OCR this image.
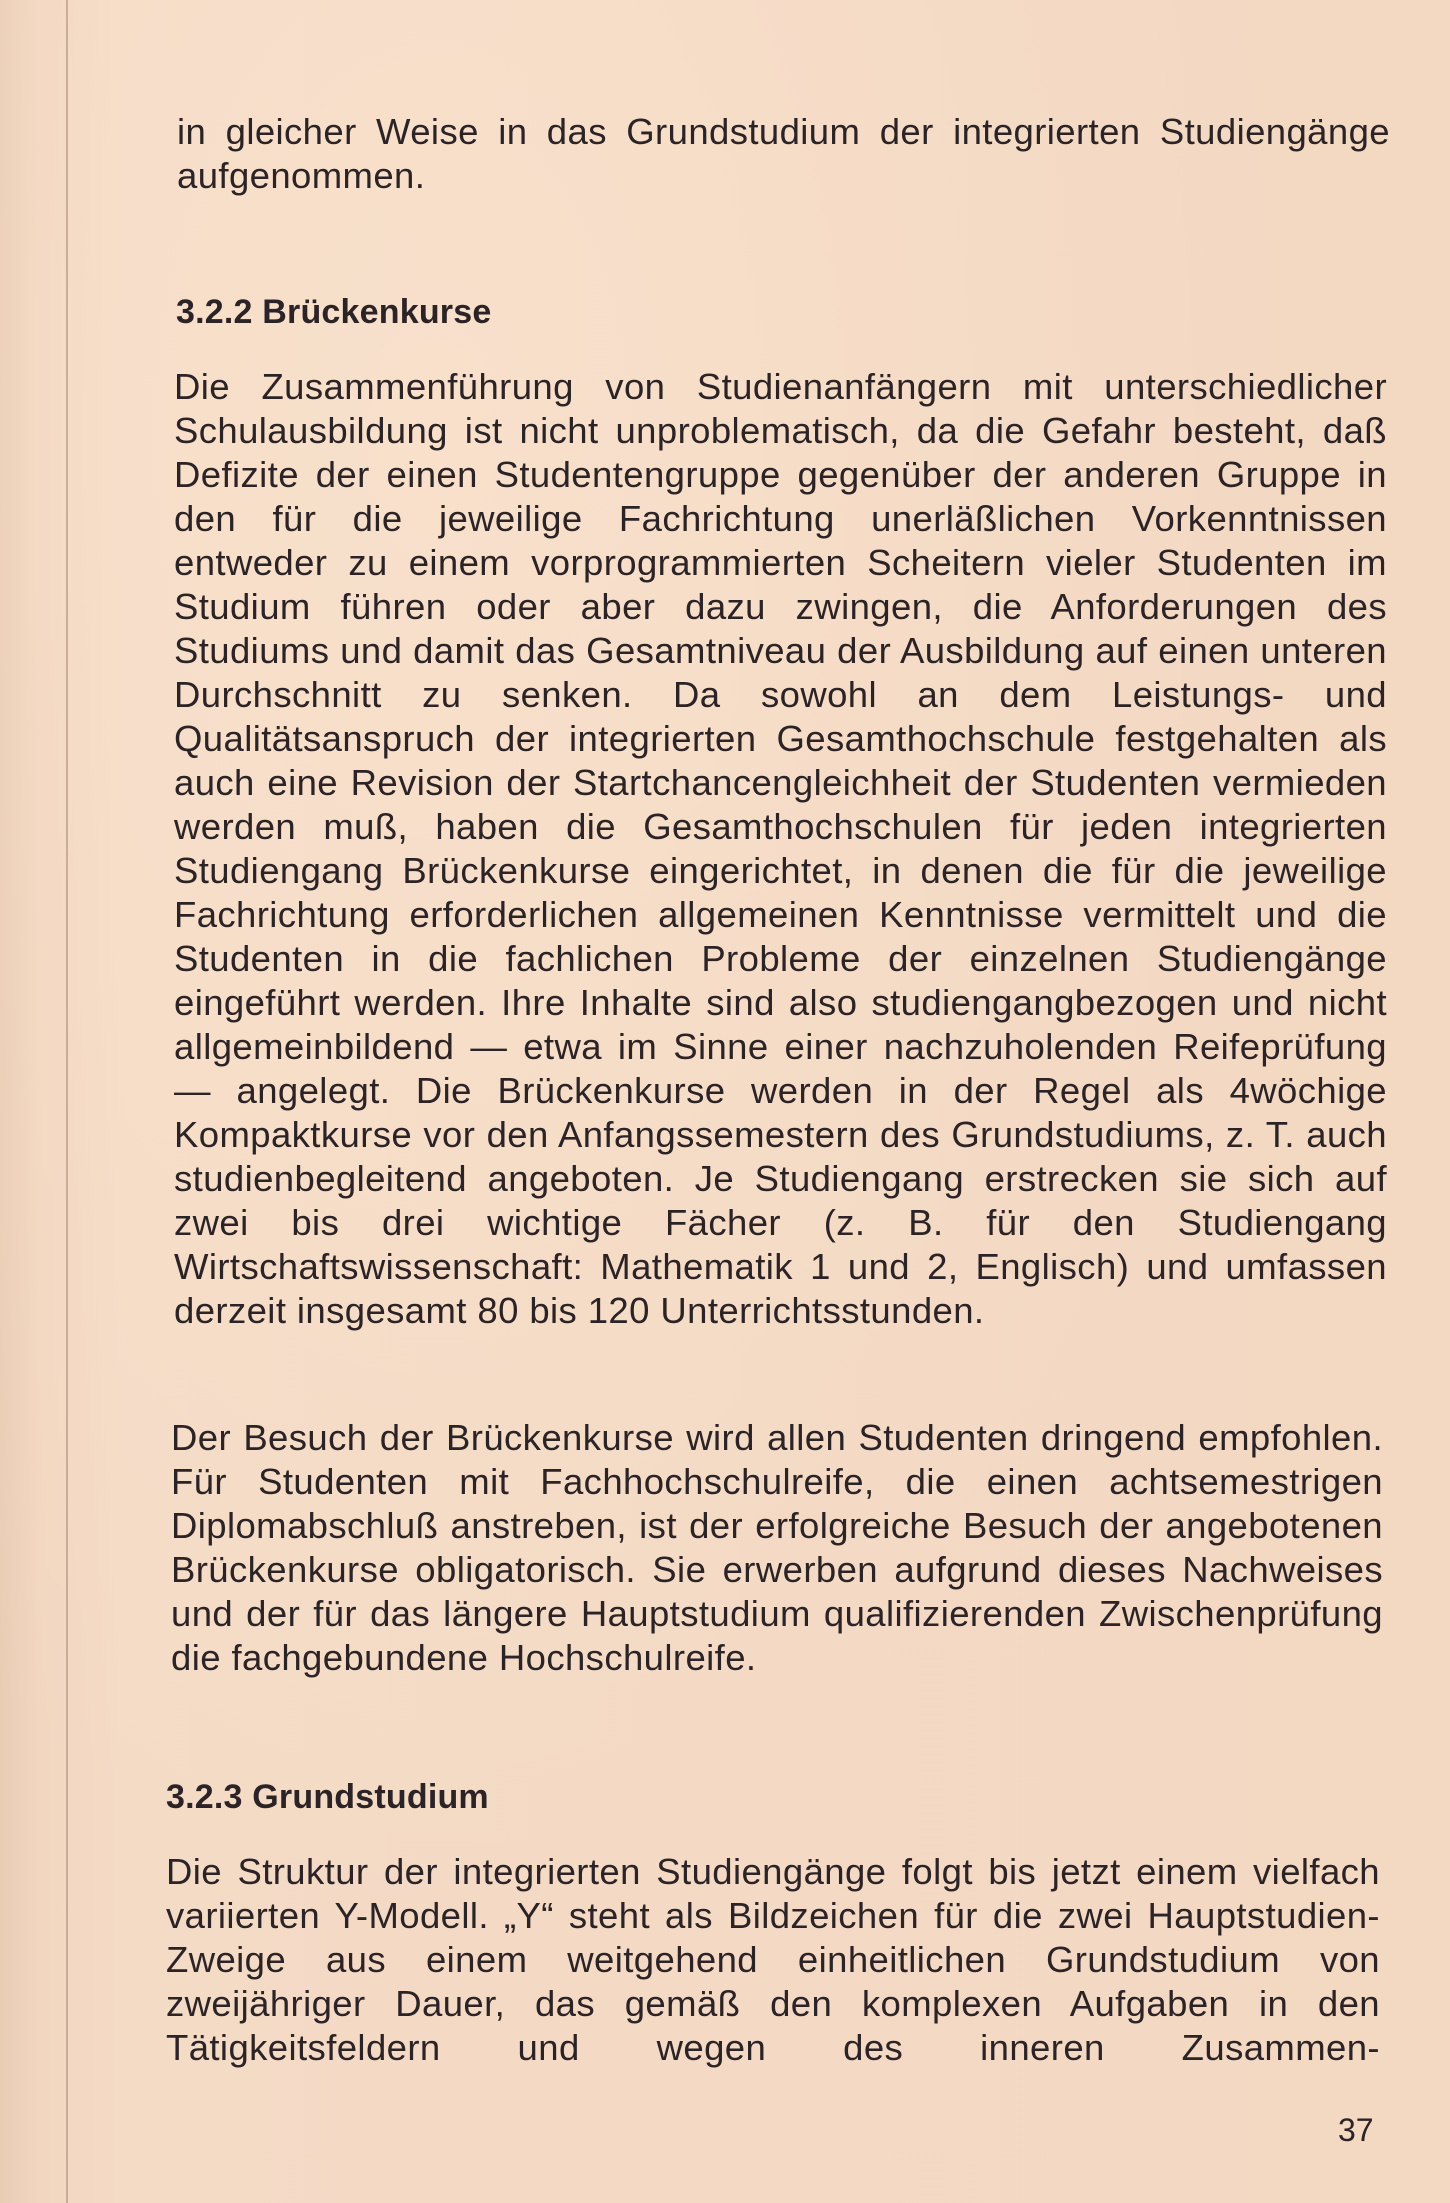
in gleicher Weise in das Grundstudium der integrierten Studiengänge aufgenommen.

3.2.2 Brückenkurse

Die Zusammenführung von Studienanfängern mit unterschiedlicher Schulausbildung ist nicht unproblematisch, da die Gefahr besteht, daß Defizite der einen Studentengruppe gegenüber der anderen Gruppe in den für die jeweilige Fachrichtung unerläßlichen Vorkenntnissen entweder zu einem vorprogrammierten Scheitern vieler Studenten im Studium führen oder aber dazu zwingen, die Anforderungen des Studiums und damit das Gesamtniveau der Ausbildung auf einen unteren Durchschnitt zu senken. Da sowohl an dem Leistungs- und Qualitätsanspruch der integrierten Gesamthochschule festgehalten als auch eine Revision der Startchancengleichheit der Studenten vermieden werden muß, haben die Gesamthochschulen für jeden integrierten Studiengang Brückenkurse eingerichtet, in denen die für die jeweilige Fachrichtung erforderlichen allgemeinen Kenntnisse vermittelt und die Studenten in die fachlichen Probleme der einzelnen Studiengänge eingeführt werden. Ihre Inhalte sind also studiengangbezogen und nicht allgemeinbildend — etwa im Sinne einer nachzuholenden Reifeprüfung — angelegt. Die Brückenkurse werden in der Regel als 4wöchige Kompaktkurse vor den Anfangssemestern des Grundstudiums, z. T. auch studienbegleitend angeboten. Je Studiengang erstrecken sie sich auf zwei bis drei wichtige Fächer (z. B. für den Studiengang Wirtschaftswissenschaft: Mathematik 1 und 2, Englisch) und umfassen derzeit insgesamt 80 bis 120 Unterrichtsstunden.

Der Besuch der Brückenkurse wird allen Studenten dringend empfohlen. Für Studenten mit Fachhochschulreife, die einen achtsemestrigen Diplomabschluß anstreben, ist der erfolgreiche Besuch der angebotenen Brückenkurse obligatorisch. Sie erwerben aufgrund dieses Nachweises und der für das längere Hauptstudium qualifizierenden Zwischenprüfung die fachgebundene Hochschulreife.

3.2.3 Grundstudium

Die Struktur der integrierten Studiengänge folgt bis jetzt einem vielfach variierten Y-Modell. „Y“ steht als Bildzeichen für die zwei Hauptstudien-Zweige aus einem weitgehend einheitlichen Grundstudium von zweijähriger Dauer, das gemäß den komplexen Aufgaben in den Tätigkeitsfeldern und wegen des inneren Zusammen-

37
